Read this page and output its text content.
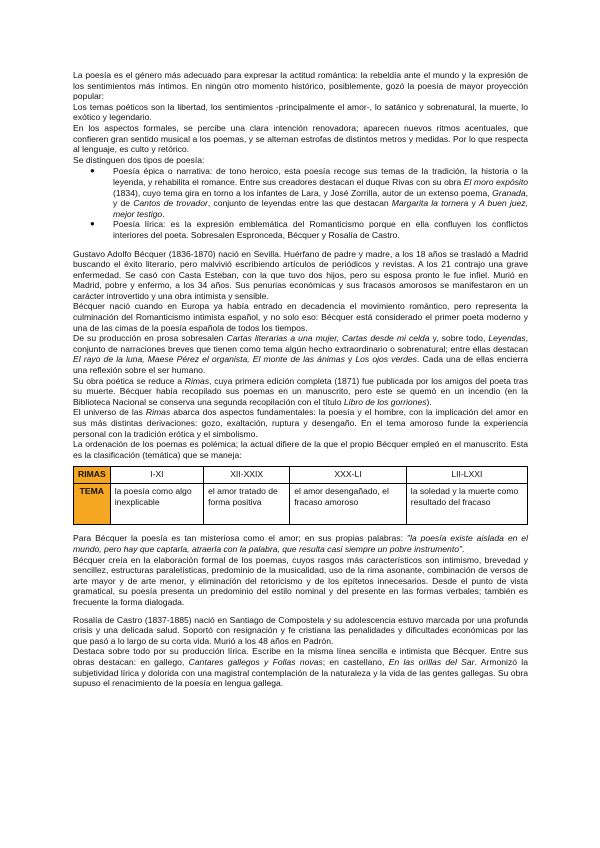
La poesía es el género más adecuado para expresar la actitud romántica: la rebeldía ante el mundo y la expresión de los sentimientos más íntimos. En ningún otro momento histórico, posiblemente, gozó la poesía de mayor proyección popular:

Los temas poéticos son la libertad, los sentimientos -principalmente el amor-, lo satánico y sobrenatural, la muerte, lo exótico y legendario.

En los aspectos formales, se percibe una clara intención renovadora; aparecen nuevos ritmos acentuales, que confieren gran sentido musical a los poemas, y se alternan estrofas de distintos metros y medidas. Por lo que respecta al lenguaje, es culto y retórico.

Se distinguen dos tipos de poesía:

● Poesía épica o narrativa: de tono heroico, esta poesía recoge sus temas de la tradición, la historia o la leyenda, y rehabilita el romance. Entre sus creadores destacan el duque Rivas con su obra El moro expósito (1834), cuyo tema gira en torno a los infantes de Lara, y José Zorrilla, autor de un extenso poema, Granada, y de Cantos de trovador, conjunto de leyendas entre las que destacan Margarita la tornera y A buen juez, mejor testigo.
● Poesía lírica: es la expresión emblemática del Romanticismo porque en ella confluyen los conflictos interiores del poeta. Sobresalen Espronceda, Bécquer y Rosalía de Castro.

Gustavo Adolfo Bécquer (1836-1870) nació en Sevilla. Huérfano de padre y madre, a los 18 años se trasladó a Madrid buscando el éxito literario, pero malvivió escribiendo artículos de periódicos y revistas. A los 21 contrajo una grave enfermedad. Se casó con Casta Esteban, con la que tuvo dos hijos, pero su esposa pronto le fue infiel. Murió en Madrid, pobre y enfermo, a los 34 años. Sus penurias económicas y sus fracasos amorosos se manifestaron en un carácter introvertido y una obra intimista y sensible.

Bécquer nació cuando en Europa ya había entrado en decadencia el movimiento romántico, pero representa la culminación del Romanticismo intimista español, y no solo eso: Bécquer está considerado el primer poeta moderno y una de las cimas de la poesía española de todos los tiempos.

De su producción en prosa sobresalen Cartas literarias a una mujer, Cartas desde mi celda y, sobre todo, Leyendas, conjunto de narraciones breves que tienen como tema algún hecho extraordinario o sobrenatural; entre ellas destacan El rayo de la luna, Maese Pérez el organista, El monte de las ánimas y Los ojos verdes. Cada una de ellas encierra una reflexión sobre el ser humano.

Su obra poética se reduce a Rimas, cuya primera edición completa (1871) fue publicada por los amigos del poeta tras su muerte. Bécquer había recopilado sus poemas en un manuscrito, pero este se quemó en un incendio (en la Biblioteca Nacional se conserva una segunda recopilación con el título Libro de los gorriones).

El universo de las Rimas abarca dos aspectos fundamentales: la poesía y el hombre, con la implicación del amor en sus más distintas derivaciones: gozo, exaltación, ruptura y desengaño. En el tema amoroso funde la experiencia personal con la tradición erótica y el simbolismo.

La ordenación de los poemas es polémica; la actual difiere de la que el propio Bécquer empleó en el manuscrito. Esta es la clasificación (temática) que se maneja:

RIMAS	I-XI	XII-XXIX	XXX-LI	LII-LXXI
TEMA	la poesía como algo inexplicable	el amor tratado de forma positiva	el amor desengañado, el fracaso amoroso	la soledad y la muerte como resultado del fracaso

Para Bécquer la poesía es tan misteriosa como el amor; en sus propias palabras: "la poesía existe aislada en el mundo, pero hay que captarla, atraerla con la palabra, que resulta casi siempre un pobre instrumento".

Bécquer creía en la elaboración formal de los poemas, cuyos rasgos más característicos son intimismo, brevedad y sencillez, estructuras paralelísticas, predominio de la musicalidad, uso de la rima asonante, combinación de versos de arte mayor y de arte menor, y eliminación del retoricismo y de los epítetos innecesarios. Desde el punto de vista gramatical, su poesía presenta un predominio del estilo nominal y del presente en las formas verbales; también es frecuente la forma dialogada.

Rosalía de Castro (1837-1885) nació en Santiago de Compostela y su adolescencia estuvo marcada por una profunda crisis y una delicada salud. Soportó con resignación y fe cristiana las penalidades y dificultades económicas por las que pasó a lo largo de su corta vida. Murió a los 48 años en Padrón.

Destaca sobre todo por su producción lírica. Escribe en la misma línea sencilla e intimista que Bécquer. Entre sus obras destacan: en gallego, Cantares gallegos y Follas novas; en castellano, En las orillas del Sar. Armonizó la subjetividad lírica y dolorida con una magistral contemplación de la naturaleza y la vida de las gentes gallegas. Su obra supuso el renacimiento de la poesía en lengua gallega.
